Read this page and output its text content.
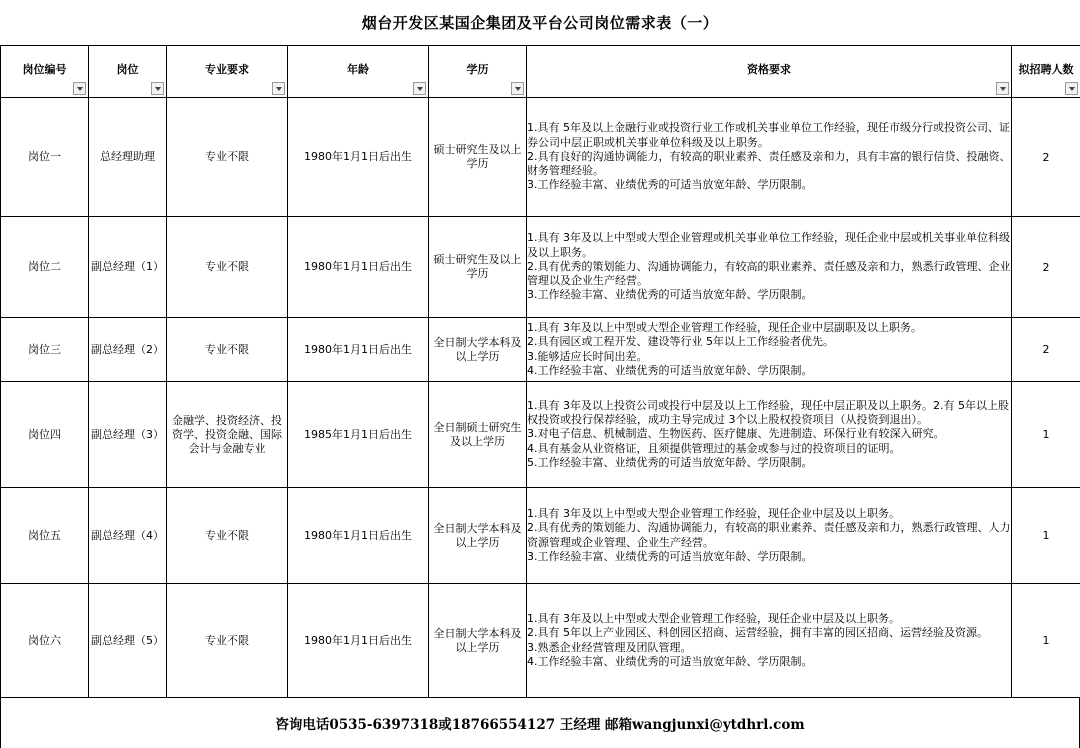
烟台开发区某国企集团及平台公司岗位需求表（一）
岗位编号	岗位	专业要求	年龄	学历	资格要求	拟招聘人数

岗位一	总经理助理	专业不限	1980年1月1日后出生	硕士研究生及以上学历	1.具有 5年及以上金融行业或投资行业工作或机关事业单位工作经验，现任市级分行或投资公司、证券公司中层正职或机关事业单位科级及以上职务。
2.具有良好的沟通协调能力，有较高的职业素养、责任感及亲和力，具有丰富的银行信贷、投融资、财务管理经验。
3.工作经验丰富、业绩优秀的可适当放宽年龄、学历限制。	2
岗位二	副总经理（1）	专业不限	1980年1月1日后出生	硕士研究生及以上学历	1.具有 3年及以上中型或大型企业管理或机关事业单位工作经验，现任企业中层或机关事业单位科级及以上职务。
2.具有优秀的策划能力、沟通协调能力，有较高的职业素养、责任感及亲和力，熟悉行政管理、企业管理以及企业生产经营。
3.工作经验丰富、业绩优秀的可适当放宽年龄、学历限制。	2
岗位三	副总经理（2）	专业不限	1980年1月1日后出生	全日制大学本科及以上学历	1.具有 3年及以上中型或大型企业管理工作经验，现任企业中层副职及以上职务。
2.具有园区或工程开发、建设等行业 5年以上工作经验者优先。
3.能够适应长时间出差。
4.工作经验丰富、业绩优秀的可适当放宽年龄、学历限制。	2
岗位四	副总经理（3）	金融学、投资经济、投资学、投资金融、国际会计与金融专业	1985年1月1日后出生	全日制硕士研究生及以上学历	1.具有 3年及以上投资公司或投行中层及以上工作经验，现任中层正职及以上职务。2.有 5年以上股权投资或投行保荐经验，成功主导完成过 3个以上股权投资项目（从投资到退出）。
3.对电子信息、机械制造、生物医药、医疗健康、先进制造、环保行业有较深入研究。
4.具有基金从业资格证，且须提供管理过的基金或参与过的投资项目的证明。
5.工作经验丰富、业绩优秀的可适当放宽年龄、学历限制。	1
岗位五	副总经理（4）	专业不限	1980年1月1日后出生	全日制大学本科及以上学历	1.具有 3年及以上中型或大型企业管理工作经验，现任企业中层及以上职务。
2.具有优秀的策划能力、沟通协调能力，有较高的职业素养、责任感及亲和力，熟悉行政管理、人力资源管理或企业管理、企业生产经营。
3.工作经验丰富、业绩优秀的可适当放宽年龄、学历限制。	1
岗位六	副总经理（5）	专业不限	1980年1月1日后出生	全日制大学本科及以上学历	1.具有 3年及以上中型或大型企业管理工作经验，现任企业中层及以上职务。
2.具有 5年以上产业园区、科创园区招商、运营经验，拥有丰富的园区招商、运营经验及资源。
3.熟悉企业经营管理及团队管理。
4.工作经验丰富、业绩优秀的可适当放宽年龄、学历限制。	1
咨询电话0535-6397318或18766554127 王经理 邮箱wangjunxi@ytdhrl.com
